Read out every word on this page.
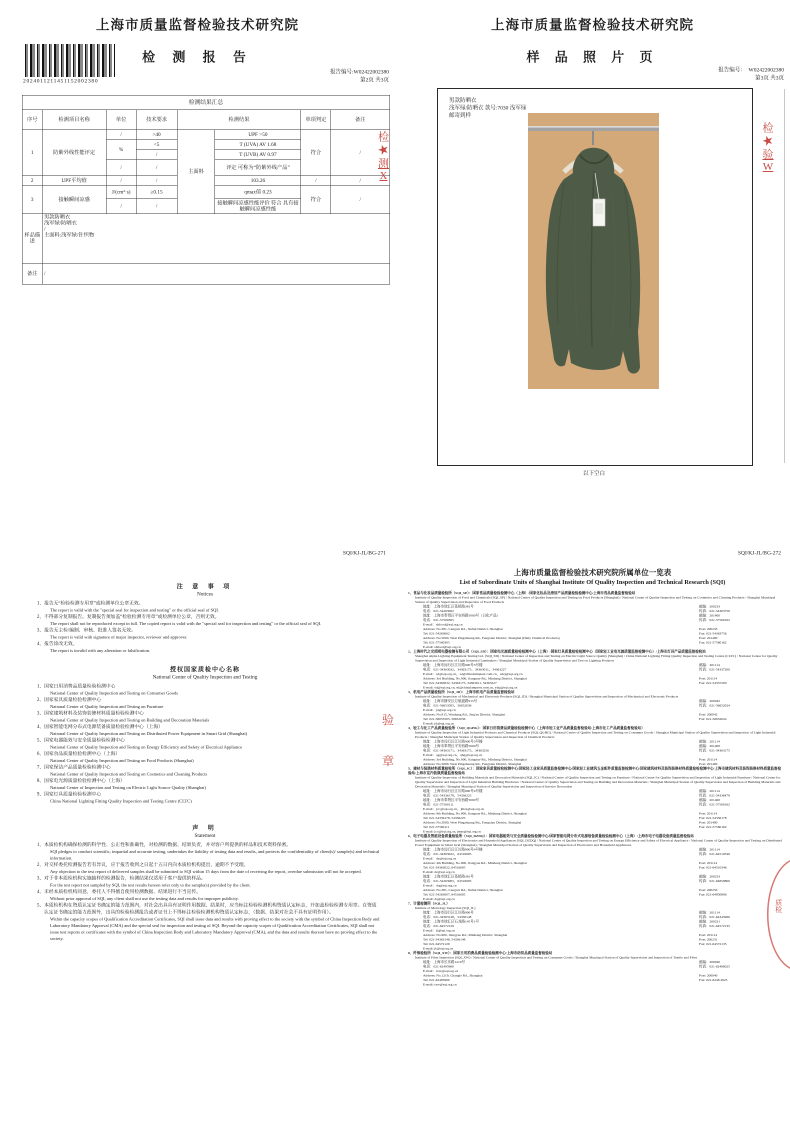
上海市质量监督检验技术研究院
2024011211451152002380
检 测 报 告
报告编号:W02422002380
第2页 共3页
检测结果汇总							
序号	检测项目名称	单位	技术要求	检测结果		单项判定	备注
1	防紫外线性能评定	/	>40	主面料	UPF >50	符合	/
		%	<5		T (UVA) AV 1.68		
			/		T (UVB) AV 0.97		
		/	/		评定 可称为“防紫外线产品”		
2	UPF平均值	/	/		103.26	/	/
3	接触瞬间凉感	J/(cm²·s)	≥0.15		qmax值 0.23	符合	/
		/	/		接触瞬间凉感性能评价 符合 具有接触瞬间凉感性能		
样品描述	男款防晒衣
浅军绿/防晒衣
/
主面料:浅军绿/针织物						

备注	/						
检
★
测
X
上海市质量监督检验技术研究院
样 品 照 片 页
报告编号： W02422002380
第3页 共3页
男款防晒衣
浅军绿/防晒衣 款号:7030 浅军绿
邮寄到样
以下空白
检

★
验
W
SQI/KJ-JL/BG-271
注 意 事 项
Notices
1、报告无“检验检测专用章”或检测单位公章无效。
The report is valid with the "special seal for inspection and testing" or the official seal of SQI.
2、不得部分复制报告。复制报告须加盖“检验检测专用章”或检测单位公章，否则无效。
The report shall not be reproduced except in full. The copied report is valid with the "special seal for inspection and testing" or the official seal of SQI.
3、报告无主检/编制、审核、批准人签名无效。
The report is valid with signature of major inspector, reviewer and approver.
4、报告涂改无效。
The report is invalid with any alteration or falsification.
授权国家质检中心名称
National Center of Quality Inspection and Testing
1、国家日用消费品质量检验检测中心
National Center of Quality Inspection and Testing on Consumer Goods
2、国家家具质量检验检测中心
National Center of Quality Inspection and Testing on Furniture
3、国家建筑材料及装饰装修材料质量检验检测中心
National Center of Quality Inspection and Testing on Building and Decoration Materials
4、国家智能电网分布式电源装备质量检验检测中心（上海）
National Center of Quality Inspection and Testing on Distributed Power Equipment in Smart Grid (Shanghai)
5、国家电器能效与安全质量检验检测中心
National Center of Quality Inspection and Testing on Energy Efficiency and Safety of Electrical Appliance
6、国家食品质量检验检测中心（上海）
National Center of Quality Inspection and Testing on Food Products (Shanghai)
7、国家保洁产品质量检验检测中心
National Center of Quality Inspection and Testing on Cosmetics and Cleaning Products
8、国家电光源质量检验检测中心（上海）
National Center of Inspection and Testing on Electric Light Source Quality (Shanghai)
9、国家灯具质量检验检测中心
China National Lighting Fitting Quality Inspection and Testing Centre (CLTC)
声 明
Statement
1、本质检机构确保检测的科学性、公正性和准确性，对检测的数据、结果负责，并对客户所提供的样品和技术资料保密。
SQI pledges to conduct scientific, impartial and accurate testing, undertakes the liability of testing data and results, and protects the confidentiality of client(s)/ sample(s) and technical information.
2、对交样委托检测报告若有异议，应于报告收到之日起十五日内向本质检机构提出，逾期不予受理。
Any objection to the test report of delivered samples shall be submitted to SQI within 15 days from the date of receiving the report, overdue submission will not be accepted.
3、对于非本质检机构实施抽样的检测报告，检测结果仅适用于客户提供的样品。
For the test report not sampled by SQI, the test results hereon refer only to the sample(s) provided by the client.
4、未经本质检机构同意，委托人不得擅自使用检测数据、结果进行不当宣传。
Without prior approval of SQI, any client shall not use the testing data and results for improper publicity.
5、本质检机构在资质认定证书确定的能力范围内，对社会出具具有证明作用数据、结果时，应当标注检验检测机构资质认定标志，并加盖检验检测专用章。在资质认定证书确定的能力范围外，出具的检验检测报告或者证书上不得标注检验检测机构资质认定标志，（数据、结果对社会不具有证明作用）。
Within the capacity scopes of Qualification Accreditation Certificates, SQI shall issue data and results with proving effect to the society with the symbol of China Inspection Body and Laboratory Mandatory Approval (CMA) and the special seal for inspection and testing of SQI. Beyond the capacity scopes of Qualification Accreditation Certificates, SQI shall not issue test reports or certificates with the symbol of China Inspection Body and Laboratory Mandatory Approval (CMA), and the data and results thereon have no proving effect to the society.
验
章
SQI/KJ-JL/BG-272
上海市质量监督检验技术研究院所属单位一览表
List of Subordinate Units of Shanghai Institute Of Quality Inspection and Technical Research (SQI)
1、食品与化妆品质量检验所（SQI_SP）：国家食品质量检验检测中心（上海）/国家化妆品及清洁产品质量检验检测中心/上海市食品质量监督检验站
Institute of Quality Inspection of Food and Chemicals (SQI_SP) / National Center of Quality Inspection and Testing on Food Products (Shanghai) / National Center of Quality Inspection and Testing on Cosmetics and Cleaning Products / Shanghai Municipal Station of Quality Supervision and Inspection of Food Products
地址：上海市徐汇区苍梧路381号	邮编：200233
电话：021-54263062	传真：021-54363756
地址：上海市奉贤区平安西路5000号（日化产品）	邮编：201400
电话：021-57560305	传真：021-57560162
E-mail：shfood@sqi.org.cn
Address: No.381, Cangwu Rd., Xuhui District, Shanghai	Post: 200233
Tel: 021-54263062	Fax: 021-54363756
Address: No.5000, West Pingzhuang Rd., Fengxian District, Shanghai (Daily Chemical Products)	Post: 201400
Tel: 021-57560305	Fax: 021-57560162
E-mail: shfood@sqi.org.cn
2、上海时代之光照明电器检测有限公司（SQI_SD）：国家电光源质量检验检测中心（上海）/国家灯具质量检验检测中心（国家轻工业电光源质量监督检测中心）/上海市灯具产品质量监督检验站
Shanghai Alpha Lighting Equipment Testing Ltd. (SQI_SD) / National Center of Inspection and Testing on Electric Light Source Quality (Shanghai) / China National Lighting Fitting Quality Inspection and Testing Centre (CLTC) / National Center for Quality Supervision and Inspection of Light Industrial Luminaires / Shanghai Municipal Station of Quality Supervision and Test on Lighting Products
地址：上海市闵行区江川路900号3号楼	邮编：201114
电话：021-34363032、34363175、34363011、34363227	传真：021-54337200
E-mail：sd@sqi.org.cn、sd@chinalamptest.com.cn、sdzj@sqi.org.cn
Address: 3rd Building, No.900, Jiangyue Rd., Minhang District, Shanghai	Post: 201114
Tel: 021-34363032, 34363175, 34363011, 34363227	Fax: 021-54337200
E-mail: sd@sqi.org.cn, sd@chinalamptest.com.cn, sdzj@sqi.org.cn
3、机电产品质量检验所（SQI_JD）：上海市机电产品质量监督检验站
Institute of Quality Inspection of Mechanical and Electronic Products (SQI_JD) / Shanghai Municipal Station of Quality Supervision and Inspection of Mechanical and Electronic Products
地址：上海市静安区万航渡路915号	邮编：200042
电话：021-56653505、56652036	传真：021-56652024
E-mail：jd@sqi.org.cn
Address: No.915, Wanhang Rd., Jing'an District, Shanghai	Post: 200042
Tel: 021-56653505, 56652036	Fax: 021-56652024
E-mail: jd@sqi.org.cn
4、轻工与化工产品质量检验所（SQI_QGHG）：国家日用消费品质量检验检测中心（上海市轻工业产品质量监督检验站/上海市化工产品质量监督检验站）
Institute of Quality Inspection of Light Industrial Products and Chemical Products (SQI_QGHG) / National Center of Quality Inspection and Testing on Consumer Goods / Shanghai Municipal Station of Quality Supervision and Inspection of Light Industrial Products / Shanghai Municipal Station of Quality Supervision and Inspection of Chemical Products
地址：上海市闵行区江川路900号3号楼	邮编：201114
地址：上海市奉贤区平安西路5000号	邮编：201400
电话：021-34363171、34363175、34363256	传真：021-34363175
E-mail：qg@sqi.org.cn、qhg@sqi.org.cn
Address: 3rd Building, No.900, Jiangyue Rd., Minhang District, Shanghai	Post: 201114
Address: No.5000, West Pingzhuang Rd., Fengxian District, Shanghai	Post: 201400
5、建材与装潢材料质量检验所（SQI_JC）：国家家具质量检验检测中心/国家轻工业家具质量监督检测中心/国家轻工业建筑五金配件质量监督检测中心/国家建筑材料及装饰装修材料质量检验检测中心/上海市建筑材料及装饰装修材料质量监督检验站/上海市室内装潢质量监督检验站
Institute of Quality Inspection of Building Materials and Decoration Materials (SQI_JC) / National Center of Quality Inspection and Testing on Furniture / National Center for Quality Supervision and Inspection of Light Industrial Furniture / National Center for Quality Supervision and Inspection of Light Industrial Building Hardware / National Center of Quality Supervision and Testing on Building and Decoration Materials / Shanghai Municipal Station of Quality Supervision and Inspection of Building Materials and Decoration Materials / Shanghai Municipal Station of Quality Supervision and Inspection of Interior Decoration
地址：上海市闵行区江川路900号9号楼	邮编：201114
电话：021-54336178、54336225	传真：021-54336479
地址：上海市奉贤区平安西路5000号	邮编：201400
电话：021-57560111	传真：021-57560162
E-mail：jcc@sqi.org.cn、jmzs@sqi.org.cn
Address: 9th Building, No.900, Jiangyue Rd., Minhang District, Shanghai	Post: 201114
Tel: 021-54336178, 54336225	Fax: 021-54336178
Address: No.5000, West Pingzhuang Rd., Fengxian District, Shanghai	Post: 201400
Tel: 021-57560111	Fax: 021-57560162
E-mail: jcc@sqi.org.cn, jmzs@sqi.org.cn
6、电子电器及智能设备质量检验所（SQI_DZDQ）：国家电器能效与安全质量检验检测中心/国家智能电网分布式电源装备质量检验检测中心（上海）/上海市电子电器设备质量监督检验站
Institute of Quality Inspection of Electronics and Household Appliances (SQI_DZDQ) / National Center of Quality Inspection and Testing on Energy Efficiency and Safety of Electrical Appliance / National Center of Quality Inspection and Testing on Distributed Power Equipment in Smart Grid (Shanghai) / Shanghai Municipal Station of Quality Supervision and Inspection of Electronics and Household Appliances
地址：上海市闵行区江川路900号4号楼	邮编：201114
电话：021-34363022、64516605	传真：021-64510346
E-mail：dz@sqi.org.cn
Address: 4th Building, No.900, Jiangyue Rd., Minhang District, Shanghai	Post: 201114
Tel: 021-34363022, 64516605	Fax: 021-64510346
E-mail: dz@sqi.org.cn
地址：上海市徐汇区苍梧路381号	邮编：200233
电话：021-54263005、64516605	传真：021-64850806
E-mail：dq@sqi.org.cn
Address: No.381, Cangwu Rd., Xuhui District, Shanghai	Post: 200233
Tel: 021-54263007, 64516605	Fax: 021-64850806
E-mail: dq@sqi.org.cn
7、计量检测所（SQI_JL）
Institute of Metrology Inspection (SQI_JL)
地址：上海市闵行区江川路900号	邮编：201114
电话：021-34363148、54336148	传真：021-64345966
地址：上海市徐汇区石龙路145号1号	邮编：200231
电话：021-64572129	传真：021-64572135
E-mail：jl@sqi.org.cn
Address: No.900, Jiangyue Rd., Minhang District, Shanghai	Post: 201114
Tel: 021-34363148, 54336148	Post: 200231
Tel: 021-64572129	Fax: 021-64572135
E-mail: jl@sqi.org.cn
8、纤维检验所（SQI_XW）：国家日用消费品质量检验检测中心/上海市纺织品质量监督检验站
Institute of Fiber Inspection (SQI_XW) / National Center of Quality Inspection and Testing on Consumer Goods / Shanghai Municipal Station of Quality Supervision and Inspection of Textile and Fiber
地址：上海市长乐路1219号	邮编：200040
电话：021-62495960	传真：021-62480025
E-mail：txw@sqi.org.cn
Address: No.1219, Changle Rd., Shanghai	Post: 200040
Tel: 021-62495960	Fax: 021-6248 4025
E-mail: txw@sqi.org.cn
质检
